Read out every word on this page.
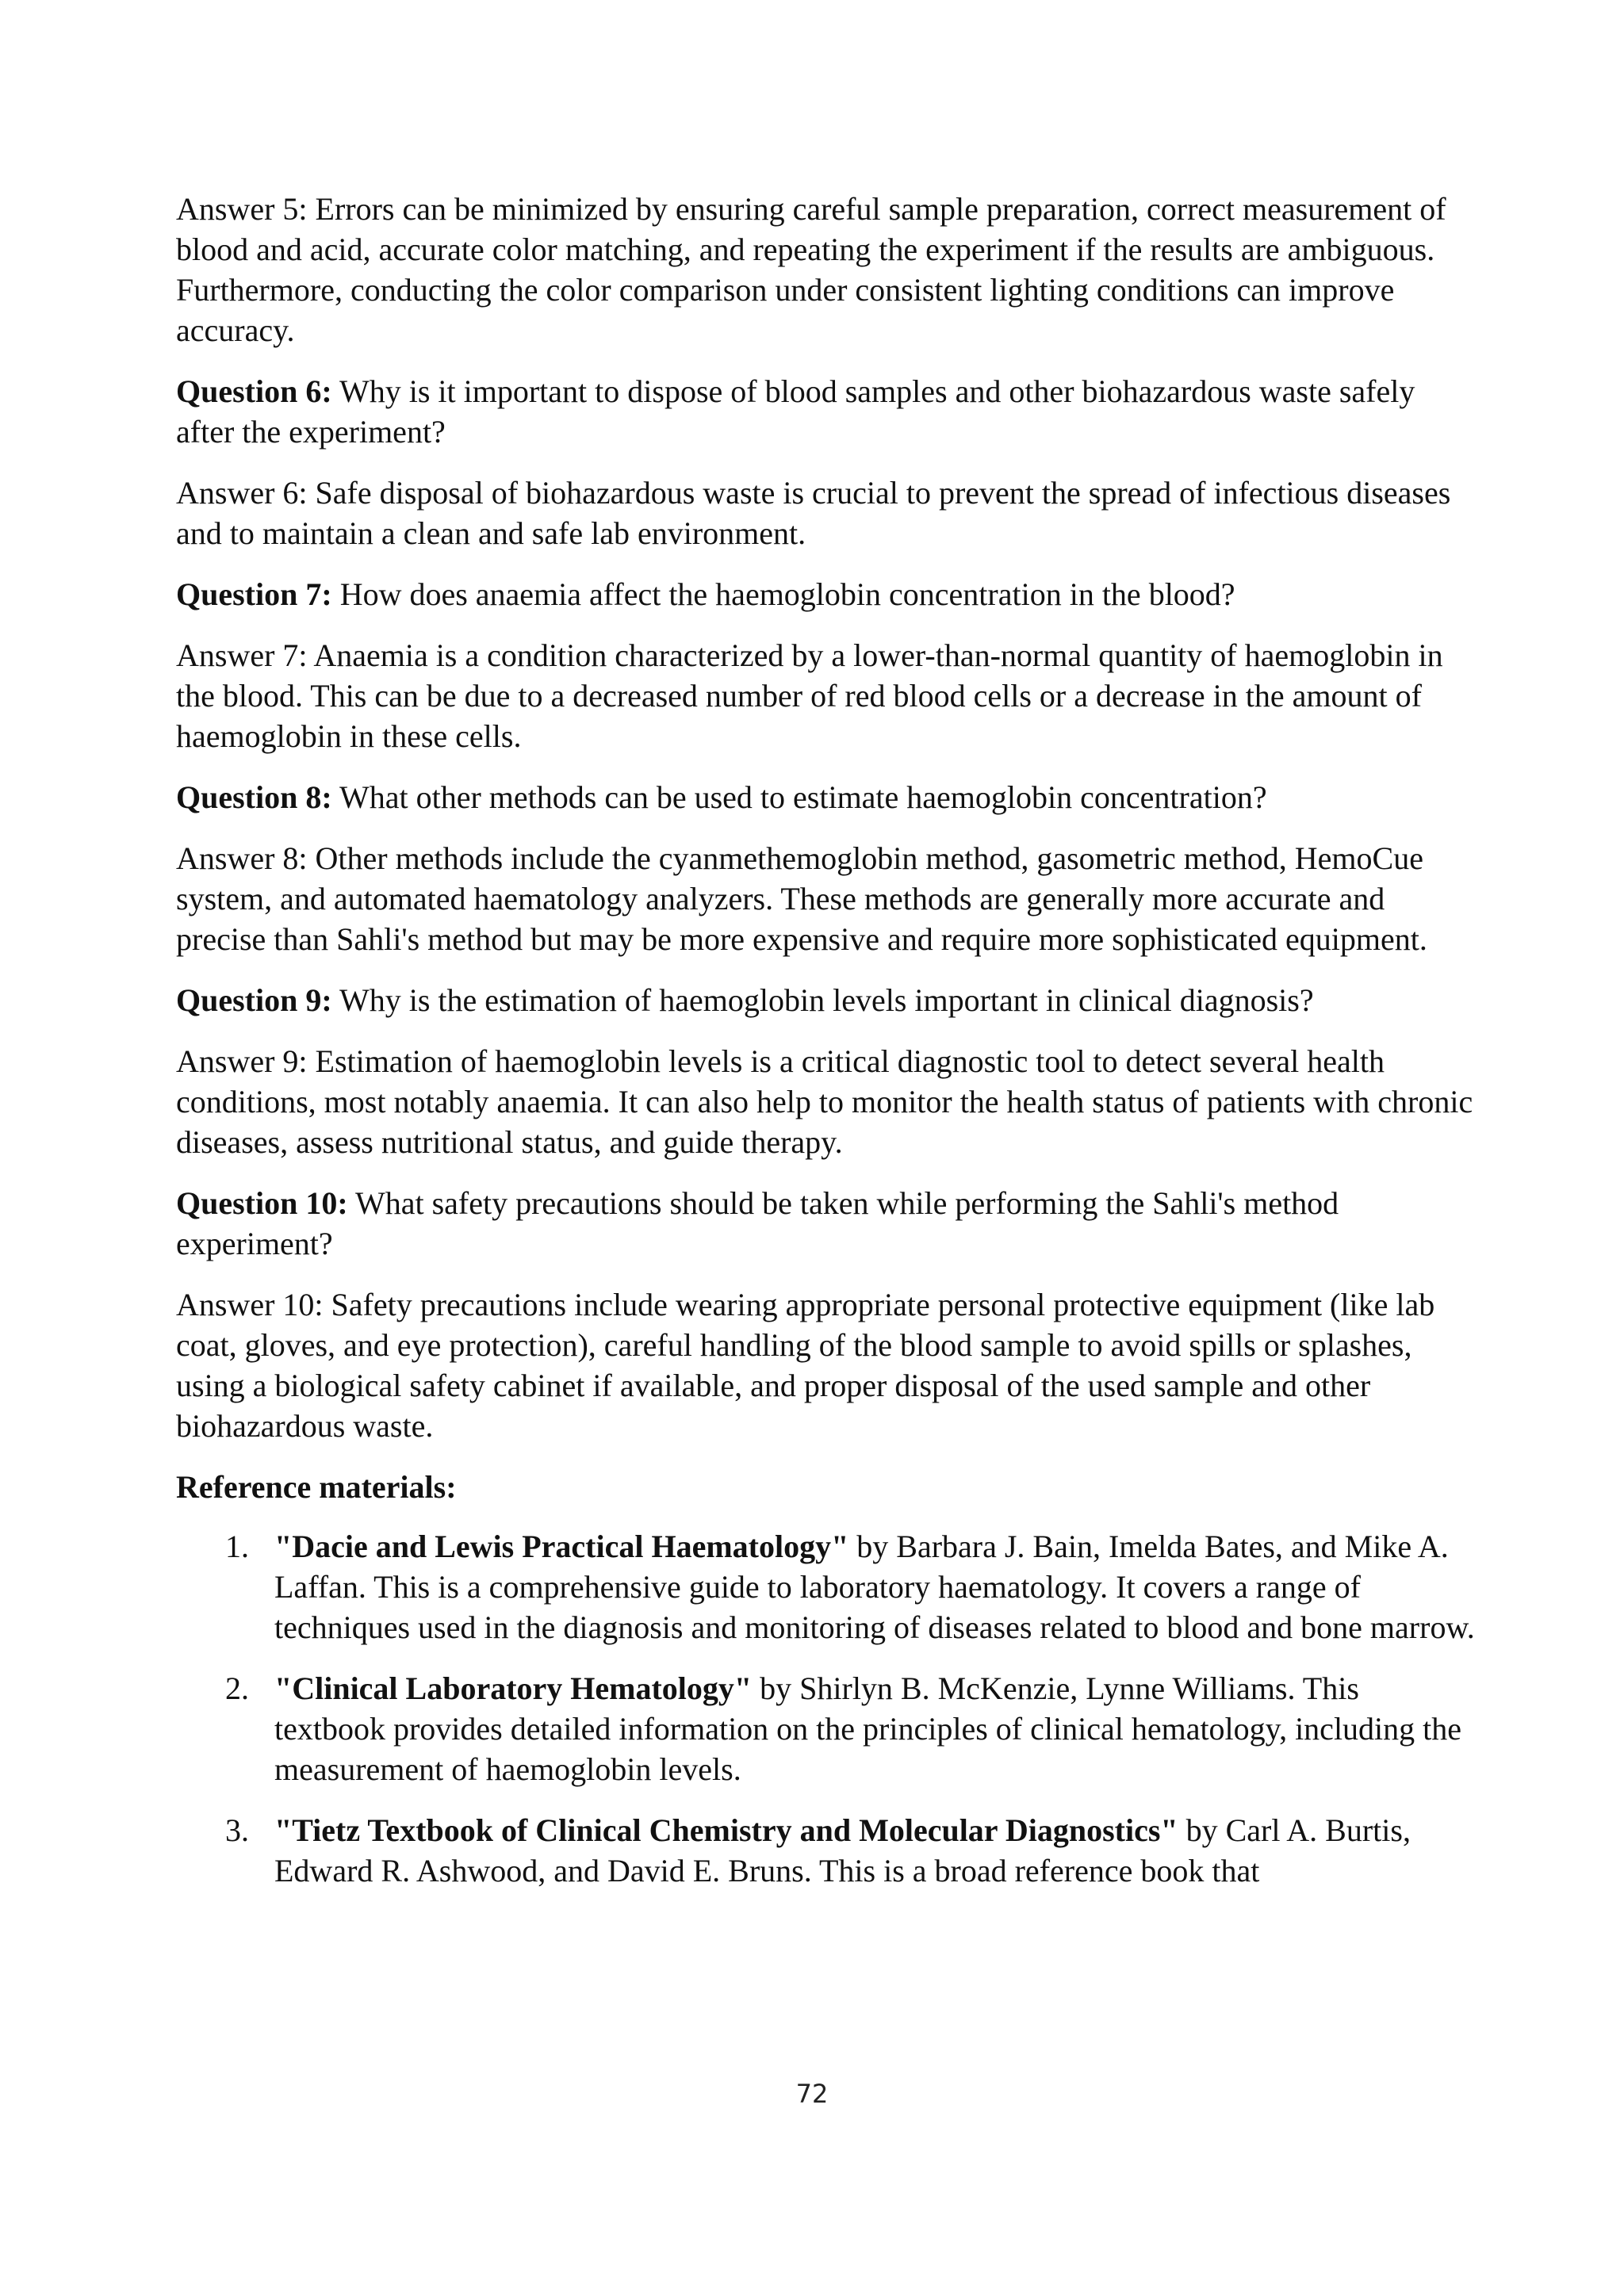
Answer 5: Errors can be minimized by ensuring careful sample preparation, correct measurement of blood and acid, accurate color matching, and repeating the experiment if the results are ambiguous. Furthermore, conducting the color comparison under consistent lighting conditions can improve accuracy.

Question 6: Why is it important to dispose of blood samples and other biohazardous waste safely after the experiment?

Answer 6: Safe disposal of biohazardous waste is crucial to prevent the spread of infectious diseases and to maintain a clean and safe lab environment.

Question 7: How does anaemia affect the haemoglobin concentration in the blood?

Answer 7: Anaemia is a condition characterized by a lower-than-normal quantity of haemoglobin in the blood. This can be due to a decreased number of red blood cells or a decrease in the amount of haemoglobin in these cells.

Question 8: What other methods can be used to estimate haemoglobin concentration?

Answer 8: Other methods include the cyanmethemoglobin method, gasometric method, HemoCue system, and automated haematology analyzers. These methods are generally more accurate and precise than Sahli's method but may be more expensive and require more sophisticated equipment.

Question 9: Why is the estimation of haemoglobin levels important in clinical diagnosis?

Answer 9: Estimation of haemoglobin levels is a critical diagnostic tool to detect several health conditions, most notably anaemia. It can also help to monitor the health status of patients with chronic diseases, assess nutritional status, and guide therapy.

Question 10: What safety precautions should be taken while performing the Sahli's method experiment?

Answer 10: Safety precautions include wearing appropriate personal protective equipment (like lab coat, gloves, and eye protection), careful handling of the blood sample to avoid spills or splashes, using a biological safety cabinet if available, and proper disposal of the used sample and other biohazardous waste.

Reference materials:

1. "Dacie and Lewis Practical Haematology" by Barbara J. Bain, Imelda Bates, and Mike A. Laffan. This is a comprehensive guide to laboratory haematology. It covers a range of techniques used in the diagnosis and monitoring of diseases related to blood and bone marrow.
2. "Clinical Laboratory Hematology" by Shirlyn B. McKenzie, Lynne Williams. This textbook provides detailed information on the principles of clinical hematology, including the measurement of haemoglobin levels.
3. "Tietz Textbook of Clinical Chemistry and Molecular Diagnostics" by Carl A. Burtis, Edward R. Ashwood, and David E. Bruns. This is a broad reference book that
72
